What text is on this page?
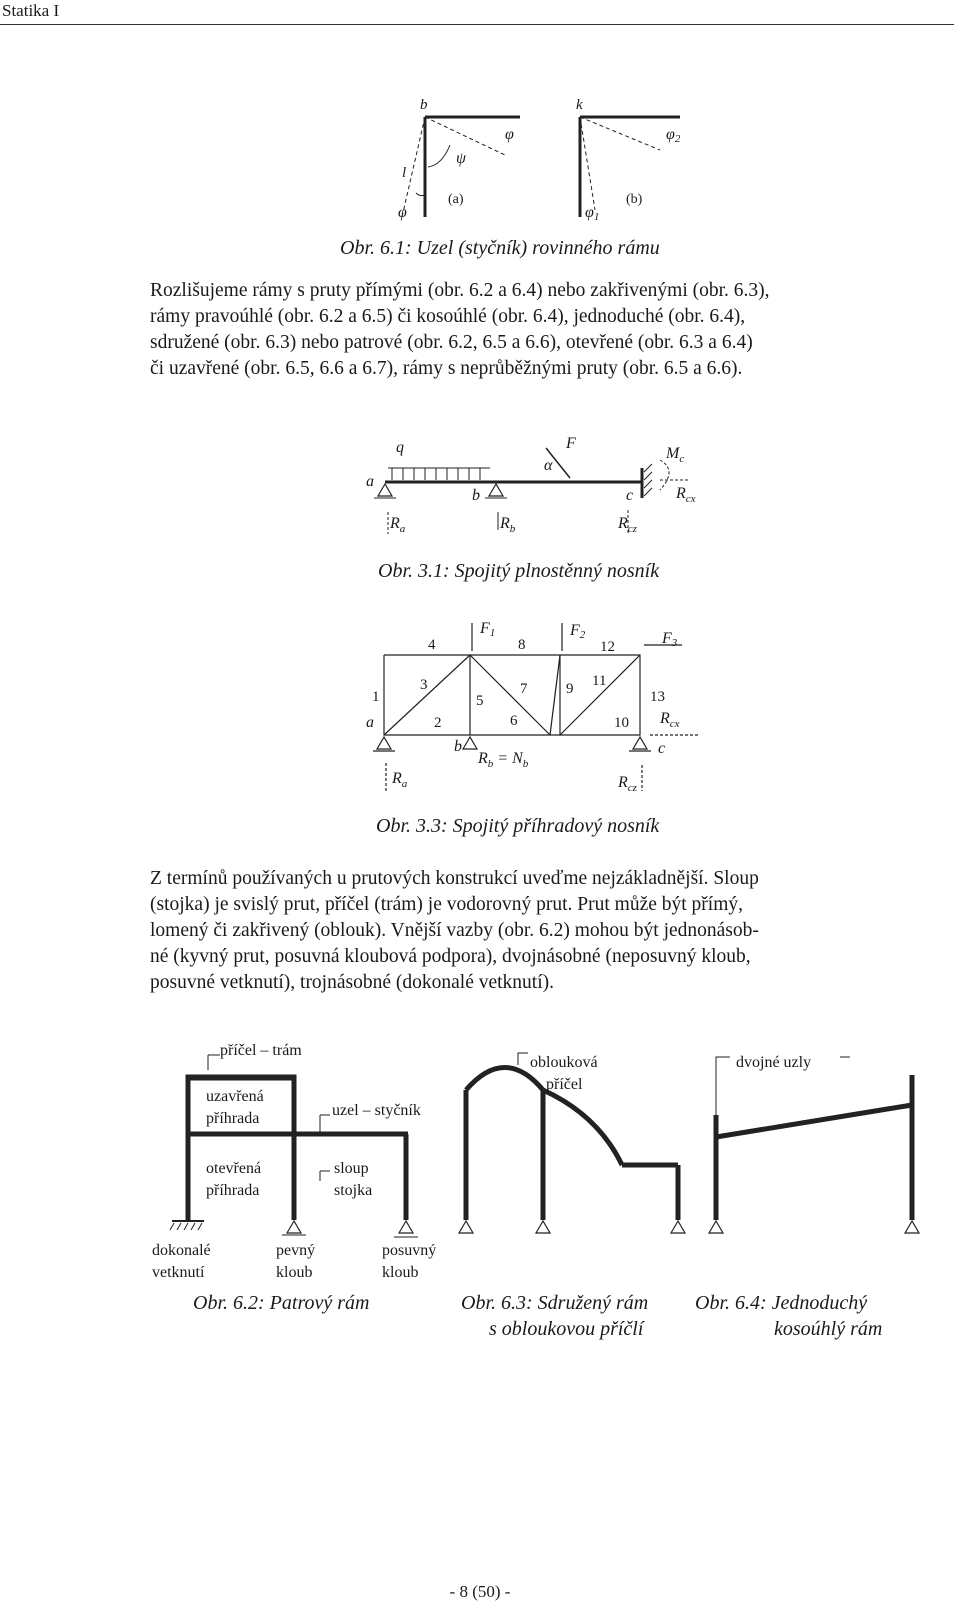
Statika I
b
φ
ψ
l
φ
(a)
k
φ2
φ1
(b)
Obr. 6.1: Uzel (styčník) rovinného rámu
Rozlišujeme rámy s pruty přímými (obr. 6.2 a 6.4) nebo zakřivenými (obr. 6.3),
rámy pravoúhlé (obr. 6.2 a 6.5) či kosoúhlé (obr. 6.4), jednoduché (obr. 6.4),
sdružené (obr. 6.3) nebo patrové (obr. 6.2, 6.5 a 6.6), otevřené (obr. 6.3 a 6.4)
či uzavřené (obr. 6.5, 6.6 a 6.7), rámy s neprůběžnými pruty (obr. 6.5 a 6.6).
q	F
α
$M_c$
a
b	c	$R_{cx}$
$R_a$	$R_b$	$R_{cz}$
Obr. 3.1: Spojitý plnostěnný nosník
F1	F2	F3
1
2
3
4
5
6
7
8
9
10
11
12
13
a
b	c
$R_{cx}$
$R_b = N_b$
$R_a$	$R_{cz}$
Obr. 3.3: Spojitý příhradový nosník
Z termínů používaných u prutových konstrukcí uveďme nejzákladnější. Sloup
(stojka) je svislý prut, příčel (trám) je vodorovný prut. Prut může být přímý,
lomený či zakřivený (oblouk). Vnější vazby (obr. 6.2) mohou být jednonásob-
né (kyvný prut, posuvná kloubová podpora), dvojnásobné (neposuvný kloub,
posuvné vetknutí), trojnásobné (dokonalé vetknutí).
příčel – trám
uzavřená
příhrada	uzel – styčník
otevřená
příhrada
sloup
stojka
dokonalé
vetknutí
pevný
kloub
posuvný
kloub
oblouková
příčel
dvojné uzly
Obr. 6.2: Patrový rám	Obr. 6.3: Sdružený rám
s obloukovou příčlí
Obr. 6.4: Jednoduchý
kosoúhlý rám
- 8 (50) -
